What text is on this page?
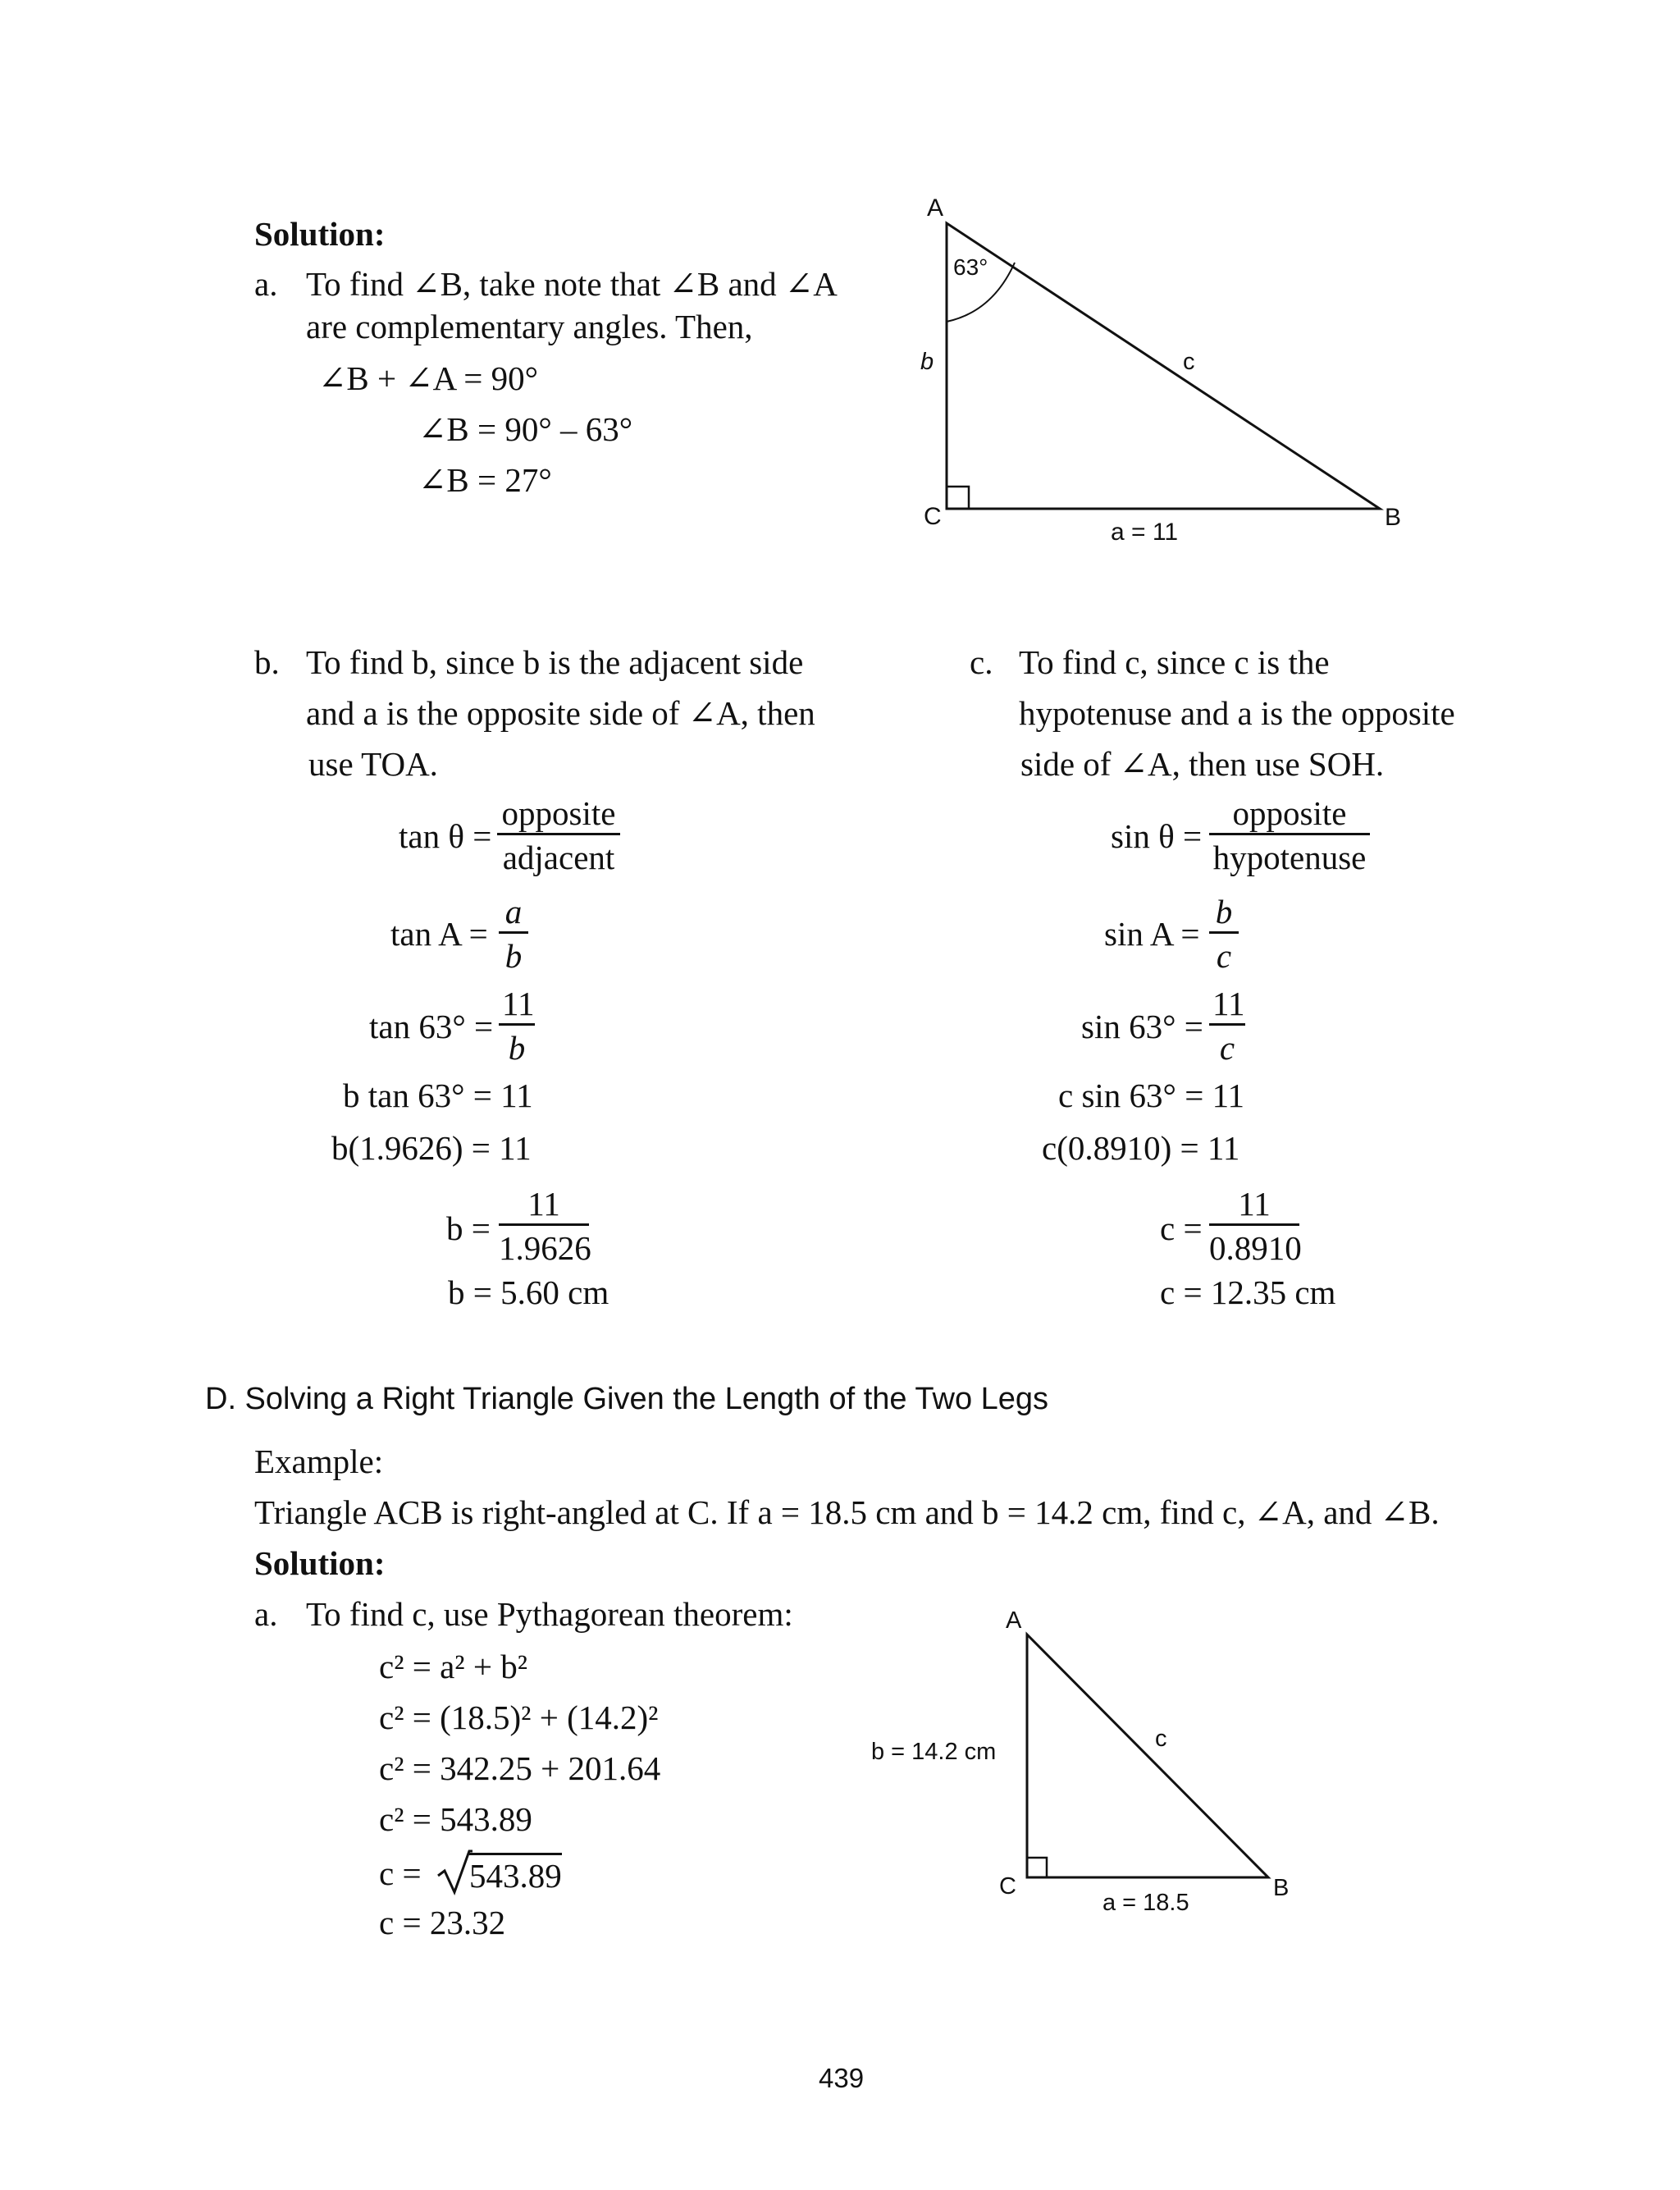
Solution:
a. To find ∠B, take note that ∠B and ∠A
are complementary angles. Then,
∠B + ∠A = 90°
∠B = 90° – 63°
∠B = 27°
A
63°
b	c
C	B
a = 11
b. To find b, since b is the adjacent side
and a is the opposite side of ∠A, then
use TOA.
tan θ =
opposite
adjacent
$\tan A = \frac{a}{b}$
$\tan 63^\circ = \frac{11}{b}$
b tan 63° = 11
b(1.9626) = 11
$b = \frac{11}{1.9626}$
b = 5.60 cm
c. To find c, since c is the
hypotenuse and a is the opposite
side of ∠A, then use SOH.
sin θ =
opposite
hypotenuse
$\sin A = \frac{b}{c}$
$\sin 63^\circ = \frac{11}{c}$
c sin 63° = 11
c(0.8910) = 11
$c = \frac{11}{0.8910}$
c = 12.35 cm
D. Solving a Right Triangle Given the Length of the Two Legs
Example:
Triangle ACB is right-angled at C. If a = 18.5 cm and b = 14.2 cm, find c, ∠A, and ∠B.
Solution:
a. To find c, use Pythagorean theorem:
c² = a² + b²
c² = (18.5)² + (14.2)²
c² = 342.25 + 201.64
c² = 543.89
c = 543.89
c = 23.32
A
c
b = 14.2 cm
C	B
a = 18.5
439
